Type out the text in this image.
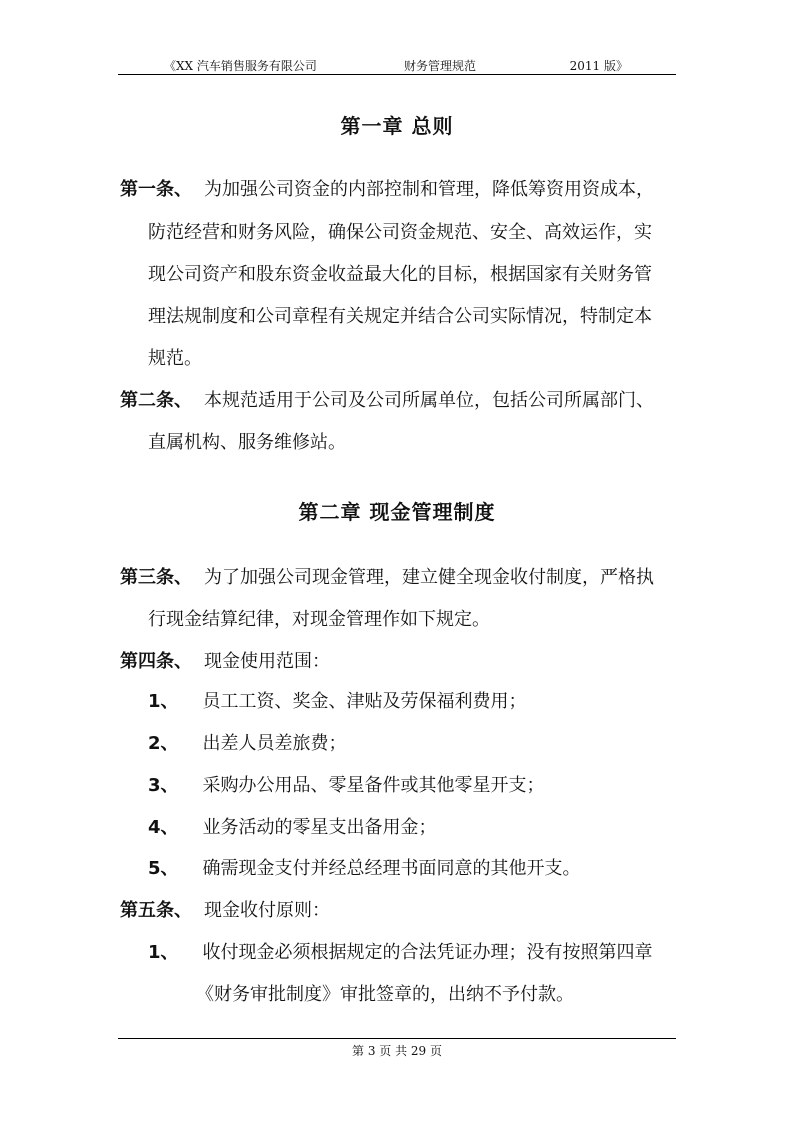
《XX 汽车销售服务有限公司	财务管理规范	2011 版》
第一章 总则
第一条、 为加强公司资金的内部控制和管理，降低筹资用资成本，
防范经营和财务风险，确保公司资金规范、安全、高效运作，实
现公司资产和股东资金收益最大化的目标，根据国家有关财务管
理法规制度和公司章程有关规定并结合公司实际情况，特制定本
规范。
第二条、 本规范适用于公司及公司所属单位，包括公司所属部门、
直属机构、服务维修站。
第二章 现金管理制度
第三条、 为了加强公司现金管理，建立健全现金收付制度，严格执
行现金结算纪律，对现金管理作如下规定。
第四条、 现金使用范围：
1、 员工工资、奖金、津贴及劳保福利费用；
2、 出差人员差旅费；
3、 采购办公用品、零星备件或其他零星开支；
4、 业务活动的零星支出备用金；
5、 确需现金支付并经总经理书面同意的其他开支。
第五条、 现金收付原则：
1、 收付现金必须根据规定的合法凭证办理；没有按照第四章
《财务审批制度》审批签章的，出纳不予付款。
第 3 页 共 29 页
